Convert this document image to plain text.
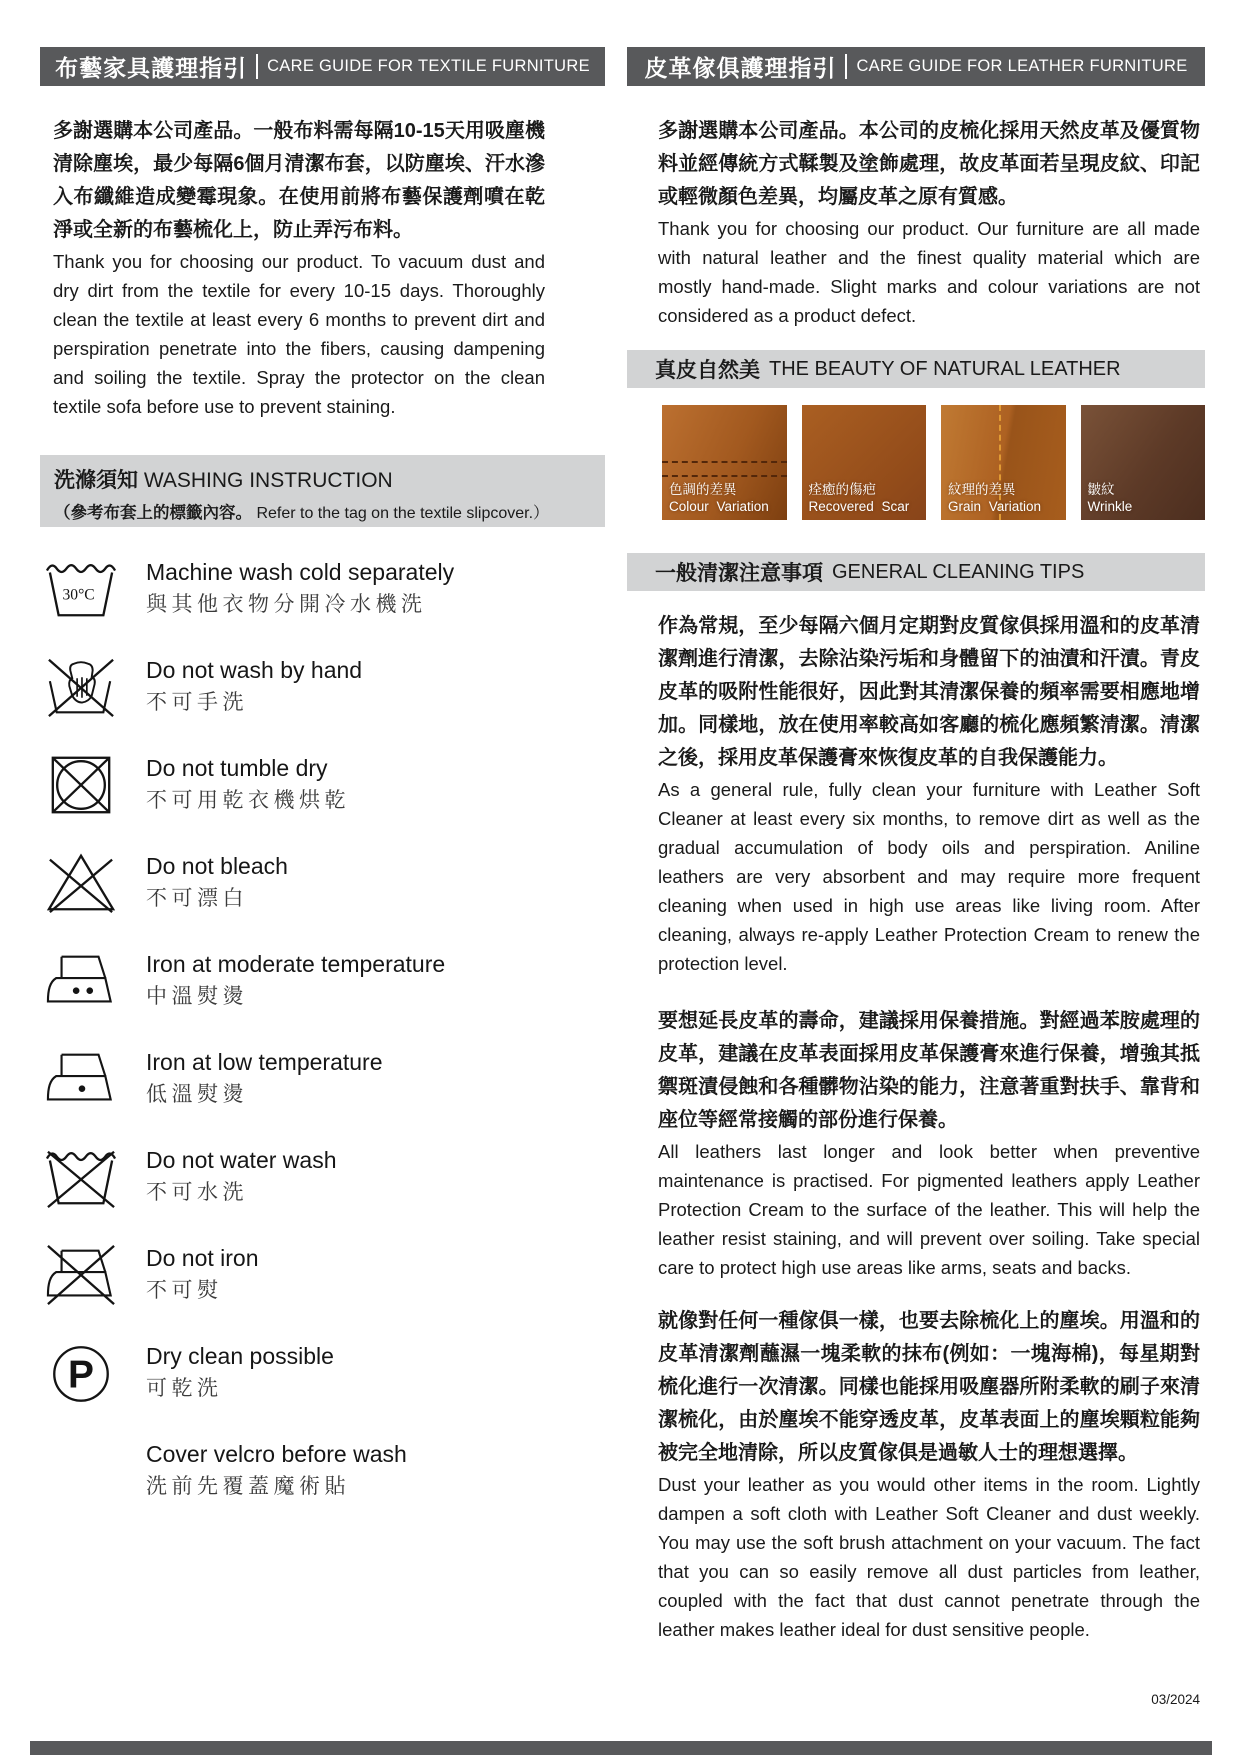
布藝家具護理指引 CARE GUIDE FOR TEXTILE FURNITURE

多謝選購本公司產品。一般布料需每隔10-15天用吸塵機清除塵埃，最少每隔6個月清潔布套，以防塵埃、汗水滲入布纖維造成變霉現象。在使用前將布藝保護劑噴在乾淨或全新的布藝梳化上，防止弄污布料。

Thank you for choosing our product. To vacuum dust and dry dirt from the textile for every 10-15 days. Thoroughly clean the textile at least every 6 months to prevent dirt and perspiration penetrate into the fibers, causing dampening and soiling the textile. Spray the protector on the clean textile sofa before use to prevent staining.

洗滌須知 WASHING INSTRUCTION
（參考布套上的標籤內容。 Refer to the tag on the textile slipcover.）
30°C
Machine wash cold separately
與其他衣物分開冷水機洗
Do not wash by hand
不可手洗
Do not tumble dry
不可用乾衣機烘乾
Do not bleach
不可漂白
Iron at moderate temperature
中溫熨燙
Iron at low temperature
低溫熨燙
Do not water wash
不可水洗
Do not iron
不可熨
P Dry clean possible
可乾洗
Cover velcro before wash
洗前先覆蓋魔術貼
皮革傢俱護理指引 CARE GUIDE FOR LEATHER FURNITURE

多謝選購本公司產品。本公司的皮梳化採用天然皮革及優質物料並經傳統方式鞣製及塗飾處理，故皮革面若呈現皮紋、印記或輕微顏色差異，均屬皮革之原有質感。

Thank you for choosing our product. Our furniture are all made with natural leather and the finest quality material which are mostly hand-made. Slight marks and colour variations are not considered as a product defect.

真皮自然美 THE BEAUTY OF NATURAL LEATHER
色調的差異
Colour Variation
痊癒的傷疤
Recovered Scar
紋理的差異
Grain Variation
皺紋
Wrinkle
一般清潔注意事項 GENERAL CLEANING TIPS

作為常規，至少每隔六個月定期對皮質傢俱採用溫和的皮革清潔劑進行清潔，去除沾染污垢和身體留下的油漬和汗漬。青皮皮革的吸附性能很好，因此對其清潔保養的頻率需要相應地增加。同樣地，放在使用率較高如客廳的梳化應頻繁清潔。清潔之後，採用皮革保護膏來恢復皮革的自我保護能力。

As a general rule, fully clean your furniture with Leather Soft Cleaner at least every six months, to remove dirt as well as the gradual accumulation of body oils and perspiration. Aniline leathers are very absorbent and may require more frequent cleaning when used in high use areas like living room. After cleaning, always re-apply Leather Protection Cream to renew the protection level.

要想延長皮革的壽命，建議採用保養措施。對經過苯胺處理的皮革，建議在皮革表面採用皮革保護膏來進行保養，增強其抵禦斑漬侵蝕和各種髒物沾染的能力，注意著重對扶手、靠背和座位等經常接觸的部份進行保養。

All leathers last longer and look better when preventive maintenance is practised. For pigmented leathers apply Leather Protection Cream to the surface of the leather. This will help the leather resist staining, and will prevent over soiling. Take special care to protect high use areas like arms, seats and backs.

就像對任何一種傢俱一樣，也要去除梳化上的塵埃。用溫和的皮革清潔劑蘸濕一塊柔軟的抹布(例如：一塊海棉)，每星期對梳化進行一次清潔。同樣也能採用吸塵器所附柔軟的刷子來清潔梳化，由於塵埃不能穿透皮革，皮革表面上的塵埃顆粒能夠被完全地清除，所以皮質傢俱是過敏人士的理想選擇。

Dust your leather as you would other items in the room. Lightly dampen a soft cloth with Leather Soft Cleaner and dust weekly. You may use the soft brush attachment on your vacuum. The fact that you can so easily remove all dust particles from leather, coupled with the fact that dust cannot penetrate through the leather makes leather ideal for dust sensitive people.

03/2024
